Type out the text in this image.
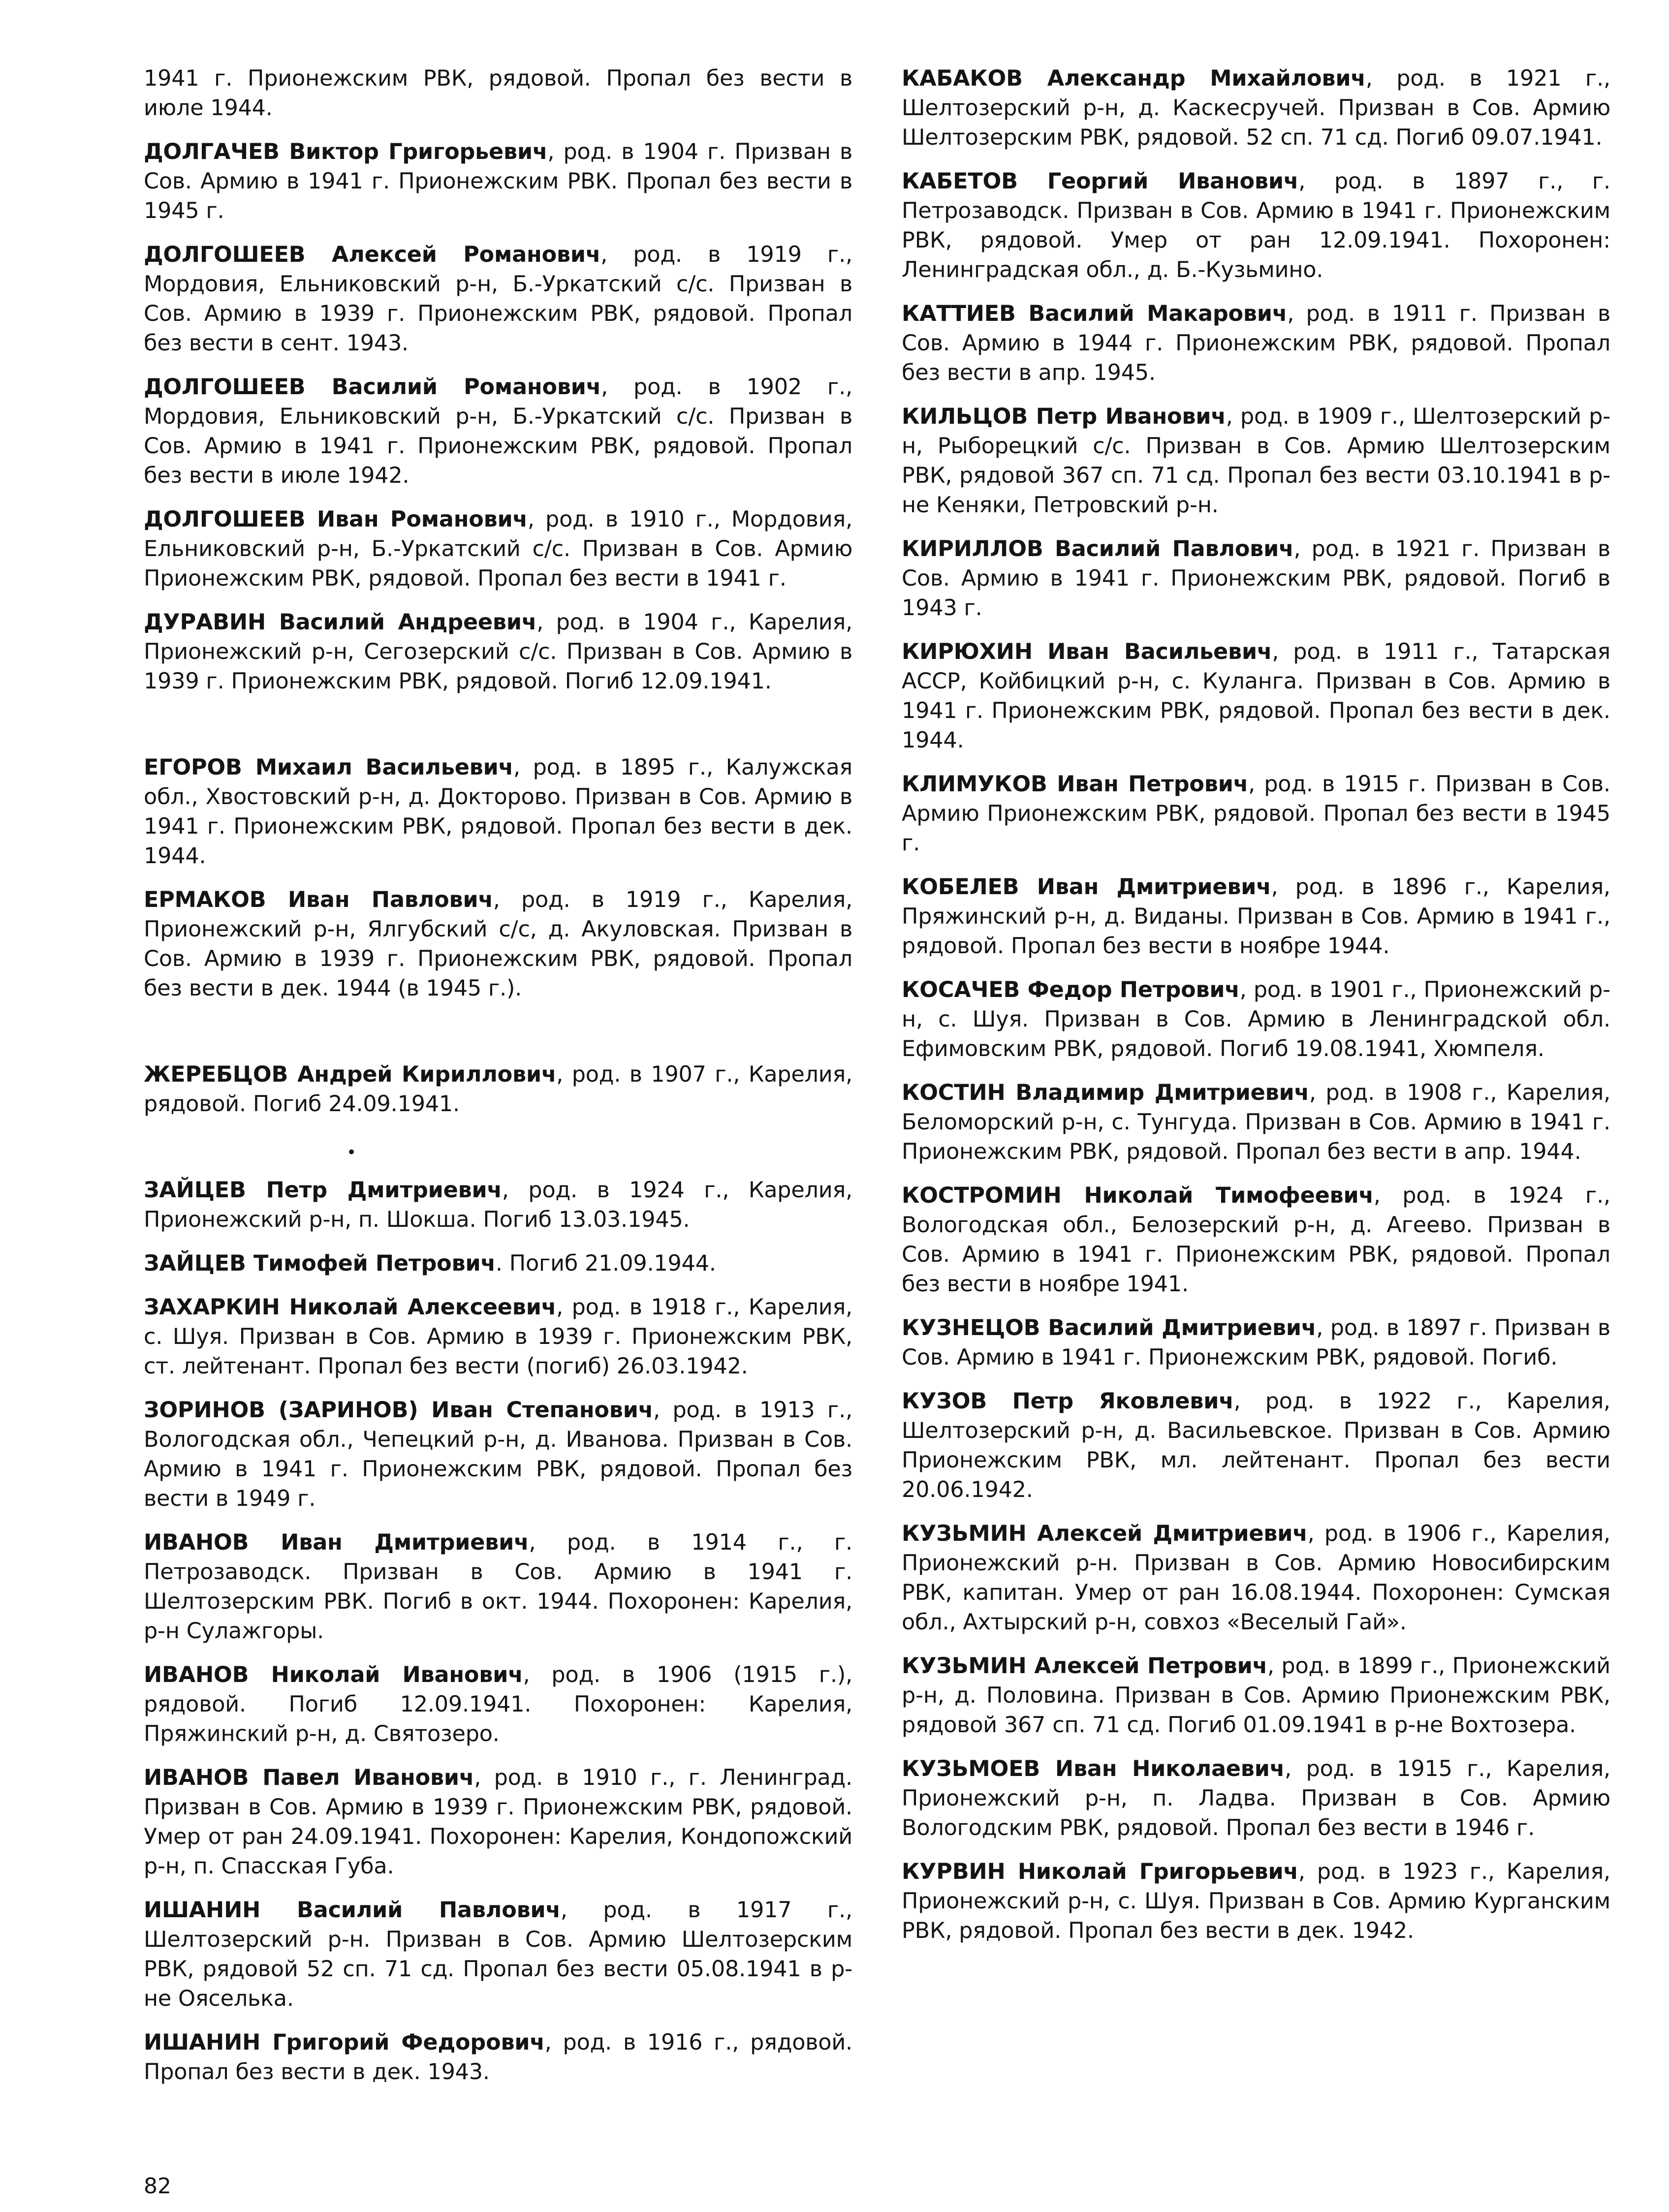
1941 г. Прионежским РВК, рядовой. Пропал без вести в июле 1944.

ДОЛГАЧЕВ Виктор Григорьевич, род. в 1904 г. Призван в Сов. Армию в 1941 г. Прионежским РВК. Пропал без вести в 1945 г.

ДОЛГОШЕЕВ Алексей Романович, род. в 1919 г., Мордовия, Ельниковский р-н, Б.-Уркатский с/с. Призван в Сов. Армию в 1939 г. Прионежским РВК, рядовой. Пропал без вести в сент. 1943.

ДОЛГОШЕЕВ Василий Романович, род. в 1902 г., Мордовия, Ельниковский р-н, Б.-Уркатский с/с. Призван в Сов. Армию в 1941 г. Прионежским РВК, рядовой. Пропал без вести в июле 1942.

ДОЛГОШЕЕВ Иван Романович, род. в 1910 г., Мордовия, Ельниковский р-н, Б.-Уркатский с/с. Призван в Сов. Армию Прионежским РВК, рядовой. Пропал без вести в 1941 г.

ДУРАВИН Василий Андреевич, род. в 1904 г., Карелия, Прионежский р-н, Сегозерский с/с. Призван в Сов. Армию в 1939 г. Прионежским РВК, рядовой. Погиб 12.09.1941.

ЕГОРОВ Михаил Васильевич, род. в 1895 г., Калужская обл., Хвостовский р-н, д. Докторово. Призван в Сов. Армию в 1941 г. Прионежским РВК, рядовой. Пропал без вести в дек. 1944.

ЕРМАКОВ Иван Павлович, род. в 1919 г., Карелия, Прионежский р-н, Ялгубский с/с, д. Акуловская. Призван в Сов. Армию в 1939 г. Прионежским РВК, рядовой. Пропал без вести в дек. 1944 (в 1945 г.).

ЖЕРЕБЦОВ Андрей Кириллович, род. в 1907 г., Карелия, рядовой. Погиб 24.09.1941.

•

ЗАЙЦЕВ Петр Дмитриевич, род. в 1924 г., Карелия, Прионежский р-н, п. Шокша. Погиб 13.03.1945.

ЗАЙЦЕВ Тимофей Петрович. Погиб 21.09.1944.

ЗАХАРКИН Николай Алексеевич, род. в 1918 г., Карелия, с. Шуя. Призван в Сов. Армию в 1939 г. Прионежским РВК, ст. лейтенант. Пропал без вести (погиб) 26.03.1942.

ЗОРИНОВ (ЗАРИНОВ) Иван Степанович, род. в 1913 г., Вологодская обл., Чепецкий р-н, д. Иванова. Призван в Сов. Армию в 1941 г. Прионежским РВК, рядовой. Пропал без вести в 1949 г.

ИВАНОВ Иван Дмитриевич, род. в 1914 г., г. Петрозаводск. Призван в Сов. Армию в 1941 г. Шелтозерским РВК. Погиб в окт. 1944. Похоронен: Карелия, р-н Сулажгоры.

ИВАНОВ Николай Иванович, род. в 1906 (1915 г.), рядовой. Погиб 12.09.1941. Похоронен: Карелия, Пряжинский р-н, д. Святозеро.

ИВАНОВ Павел Иванович, род. в 1910 г., г. Ленинград. Призван в Сов. Армию в 1939 г. Прионежским РВК, рядовой. Умер от ран 24.09.1941. Похоронен: Карелия, Кондопожский р-н, п. Спасская Губа.

ИШАНИН Василий Павлович, род. в 1917 г., Шелтозерский р-н. Призван в Сов. Армию Шелтозерским РВК, рядовой 52 сп. 71 сд. Пропал без вести 05.08.1941 в р-не Ояселька.

ИШАНИН Григорий Федорович, род. в 1916 г., рядовой. Пропал без вести в дек. 1943.

КАБАКОВ Александр Михайлович, род. в 1921 г., Шелтозерский р-н, д. Каскесручей. Призван в Сов. Армию Шелтозерским РВК, рядовой. 52 сп. 71 сд. Погиб 09.07.1941.

КАБЕТОВ Георгий Иванович, род. в 1897 г., г. Петрозаводск. Призван в Сов. Армию в 1941 г. Прионежским РВК, рядовой. Умер от ран 12.09.1941. Похоронен: Ленинградская обл., д. Б.-Кузьмино.

КАТТИЕВ Василий Макарович, род. в 1911 г. Призван в Сов. Армию в 1944 г. Прионежским РВК, рядовой. Пропал без вести в апр. 1945.

КИЛЬЦОВ Петр Иванович, род. в 1909 г., Шелтозерский р-н, Рыборецкий с/с. Призван в Сов. Армию Шелтозерским РВК, рядовой 367 сп. 71 сд. Пропал без вести 03.10.1941 в р-не Кеняки, Петровский р-н.

КИРИЛЛОВ Василий Павлович, род. в 1921 г. Призван в Сов. Армию в 1941 г. Прионежским РВК, рядовой. Погиб в 1943 г.

КИРЮХИН Иван Васильевич, род. в 1911 г., Татарская АССР, Койбицкий р-н, с. Куланга. Призван в Сов. Армию в 1941 г. Прионежским РВК, рядовой. Пропал без вести в дек. 1944.

КЛИМУКОВ Иван Петрович, род. в 1915 г. Призван в Сов. Армию Прионежским РВК, рядовой. Пропал без вести в 1945 г.

КОБЕЛЕВ Иван Дмитриевич, род. в 1896 г., Карелия, Пряжинский р-н, д. Виданы. Призван в Сов. Армию в 1941 г., рядовой. Пропал без вести в ноябре 1944.

КОСАЧЕВ Федор Петрович, род. в 1901 г., Прионежский р-н, с. Шуя. Призван в Сов. Армию в Ленинградской обл. Ефимовским РВК, рядовой. Погиб 19.08.1941, Хюмпеля.

КОСТИН Владимир Дмитриевич, род. в 1908 г., Карелия, Беломорский р-н, с. Тунгуда. Призван в Сов. Армию в 1941 г. Прионежским РВК, рядовой. Пропал без вести в апр. 1944.

КОСТРОМИН Николай Тимофеевич, род. в 1924 г., Вологодская обл., Белозерский р-н, д. Агеево. Призван в Сов. Армию в 1941 г. Прионежским РВК, рядовой. Пропал без вести в ноябре 1941.

КУЗНЕЦОВ Василий Дмитриевич, род. в 1897 г. Призван в Сов. Армию в 1941 г. Прионежским РВК, рядовой. Погиб.

КУЗОВ Петр Яковлевич, род. в 1922 г., Карелия, Шелтозерский р-н, д. Васильевское. Призван в Сов. Армию Прионежским РВК, мл. лейтенант. Пропал без вести 20.06.1942.

КУЗЬМИН Алексей Дмитриевич, род. в 1906 г., Карелия, Прионежский р-н. Призван в Сов. Армию Новосибирским РВК, капитан. Умер от ран 16.08.1944. Похоронен: Сумская обл., Ахтырский р-н, совхоз «Веселый Гай».

КУЗЬМИН Алексей Петрович, род. в 1899 г., Прионежский р-н, д. Половина. Призван в Сов. Армию Прионежским РВК, рядовой 367 сп. 71 сд. Погиб 01.09.1941 в р-не Вохтозера.

КУЗЬМОЕВ Иван Николаевич, род. в 1915 г., Карелия, Прионежский р-н, п. Ладва. Призван в Сов. Армию Вологодским РВК, рядовой. Пропал без вести в 1946 г.

КУРВИН Николай Григорьевич, род. в 1923 г., Карелия, Прионежский р-н, с. Шуя. Призван в Сов. Армию Курганским РВК, рядовой. Пропал без вести в дек. 1942.

82
